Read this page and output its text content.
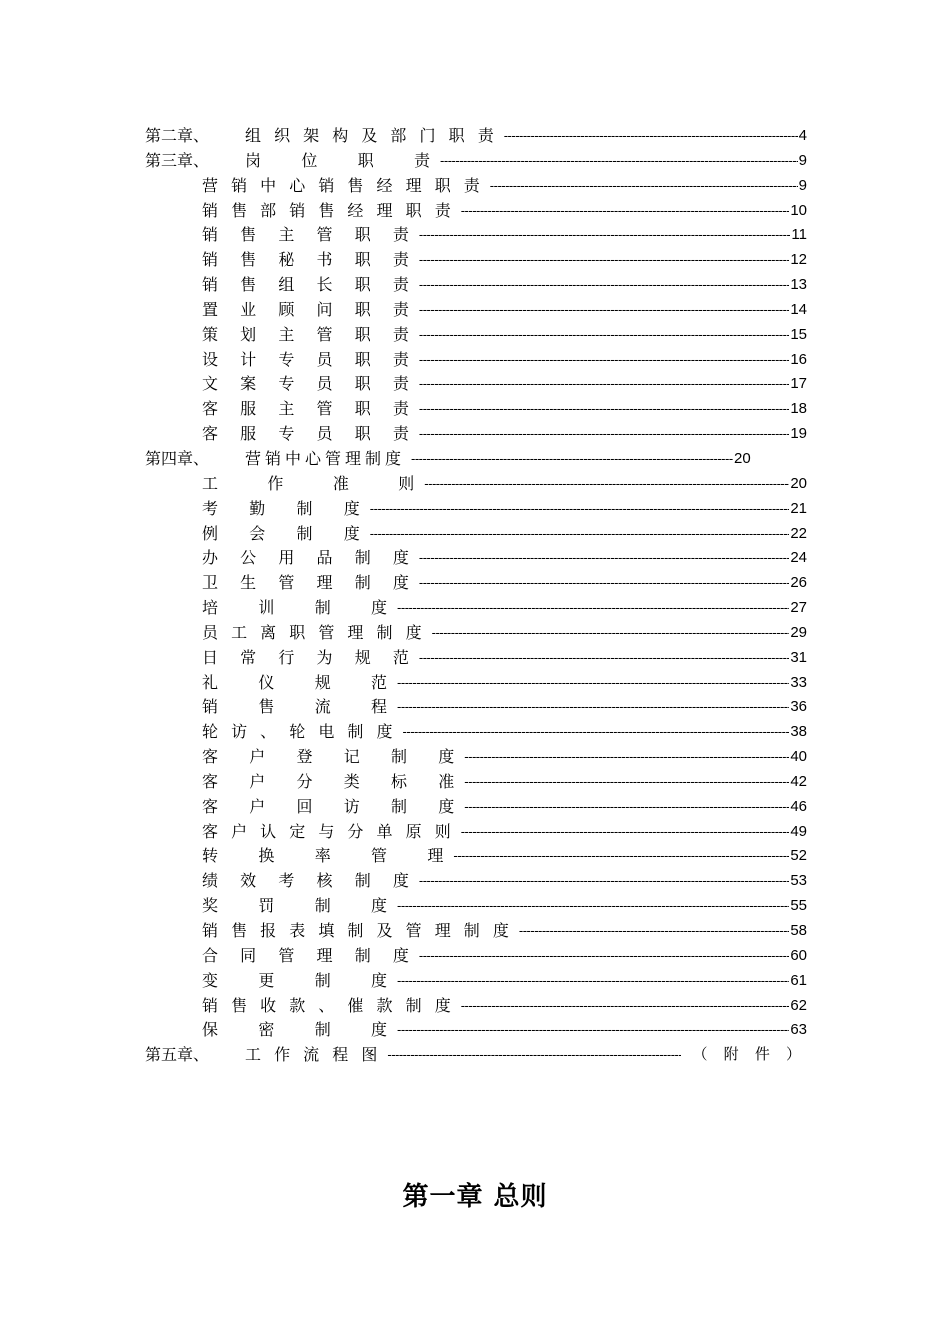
第二章、	组 织 架 构 及 部 门 职 责 -----	4
第三章、	岗    位    职    责 -----	9
营 销 中 心 销 售 经 理 职 责 -----	9
销 售 部 销 售 经 理 职 责 -----	10
销  售  主  管  职  责 -----	11
销  售  秘  书  职  责 -----	12
销  售  组  长  职  责 -----	13
置  业  顾  问  职  责 -----	14
策  划  主  管  职  责 -----	15
设  计  专  员  职  责 -----	16
文  案  专  员  职  责 -----	17
客  服  主  管  职  责 -----	18
客  服  专  员  职  责 -----	19
第四章、	营销中心管理制度 -----	20
工     作     准     则 -----	20
考   勤   制   度 -----	21
例   会   制   度 -----	22
办  公  用  品  制  度 -----	24
卫  生  管  理  制  度 -----	26
培    训    制    度 -----	27
员 工 离 职 管 理 制 度 -----	29
日  常  行  为  规  范 -----	31
礼    仪    规    范 -----	33
销    售    流    程 -----	36
轮 访 、 轮 电 制 度 -----	38
客   户   登   记   制   度 -----	40
客   户   分   类   标   准 -----	42
客   户   回   访   制   度 -----	46
客 户 认 定 与 分 单 原 则 -----	49
转    换    率    管    理 -----	52
绩  效  考  核  制  度 -----	53
奖    罚    制    度 -----	55
销 售 报 表 填 制 及 管 理 制 度 -----	58
合  同  管  理  制  度 -----	60
变    更    制    度 -----	61
销 售 收 款 、 催 款 制 度 -----	62
保    密    制    度 -----	63
第五章、	工 作 流 程 图 -----	（ 附 件 ）
第一章 总则
